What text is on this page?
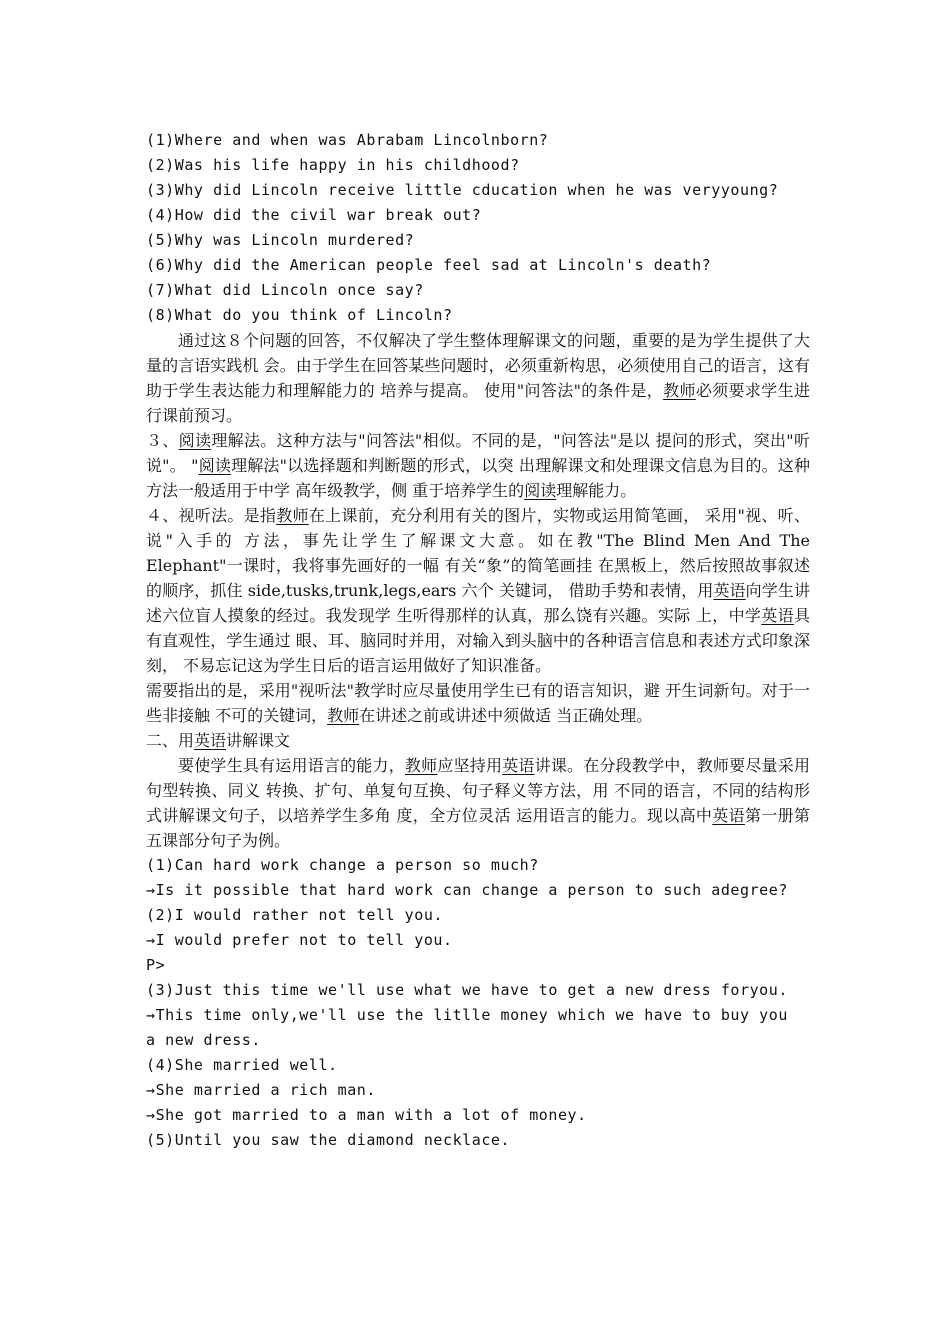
(1)Where and when was Abrabam Lincolnborn?
(2)Was his life happy in his childhood?
(3)Why did Lincoln receive little cducation when he was veryyoung?
(4)How did the civil war break out?
(5)Why was Lincoln murdered?
(6)Why did the American people feel sad at Lincoln's death?
(7)What did Lincoln once say?
(8)What do you think of Lincoln?
通过这８个问题的回答，不仅解决了学生整体理解课文的问题，重要的是为学生提供了大量的言语实践机 会。由于学生在回答某些问题时，必须重新构思，必须使用自己的语言，这有助于学生表达能力和理解能力的 培养与提高。 使用"问答法"的条件是，教师必须要求学生进行课前预习。
３、阅读理解法。这种方法与"问答法"相似。不同的是，"问答法"是以 提问的形式，突出"听说"。 "阅读理解法"以选择题和判断题的形式，以突 出理解课文和处理课文信息为目的。这种方法一般适用于中学 高年级教学，侧 重于培养学生的阅读理解能力。
４、视听法。是指教师在上课前，充分利用有关的图片，实物或运用简笔画， 采用"视、听、说"入手的 方法，事先让学生了解课文大意。如在教"The Blind Men And The Elephant"一课时，我将事先画好的一幅 有关“象”的简笔画挂 在黑板上，然后按照故事叙述的顺序，抓住 side,tusks,trunk,legs,ears 六个 关键词， 借助手势和表情，用英语向学生讲述六位盲人摸象的经过。我发现学 生听得那样的认真，那么饶有兴趣。实际 上，中学英语具有直观性，学生通过 眼、耳、脑同时并用，对输入到头脑中的各种语言信息和表述方式印象深 刻， 不易忘记这为学生日后的语言运用做好了知识准备。
需要指出的是，采用"视听法"教学时应尽量使用学生已有的语言知识，避 开生词新句。对于一些非接触 不可的关键词，教师在讲述之前或讲述中须做适 当正确处理。
二、用英语讲解课文
要使学生具有运用语言的能力，教师应坚持用英语讲课。在分段教学中，教师要尽量采用句型转换、同义 转换、扩句、单复句互换、句子释义等方法，用 不同的语言，不同的结构形式讲解课文句子，以培养学生多角 度，全方位灵活 运用语言的能力。现以高中英语第一册第五课部分句子为例。
(1)Can hard work change a person so much?
→Is it possible that hard work can change a person to such adegree?
(2)I would rather not tell you.
→I would prefer not to tell you.
P>
(3)Just this time we'll use what we have to get a new dress foryou.
→This time only,we'll use the litlle money which we have to buy you
a new dress.
(4)She married well.
→She married a rich man.
→She got married to a man with a lot of money.
(5)Until you saw the diamond necklace.
